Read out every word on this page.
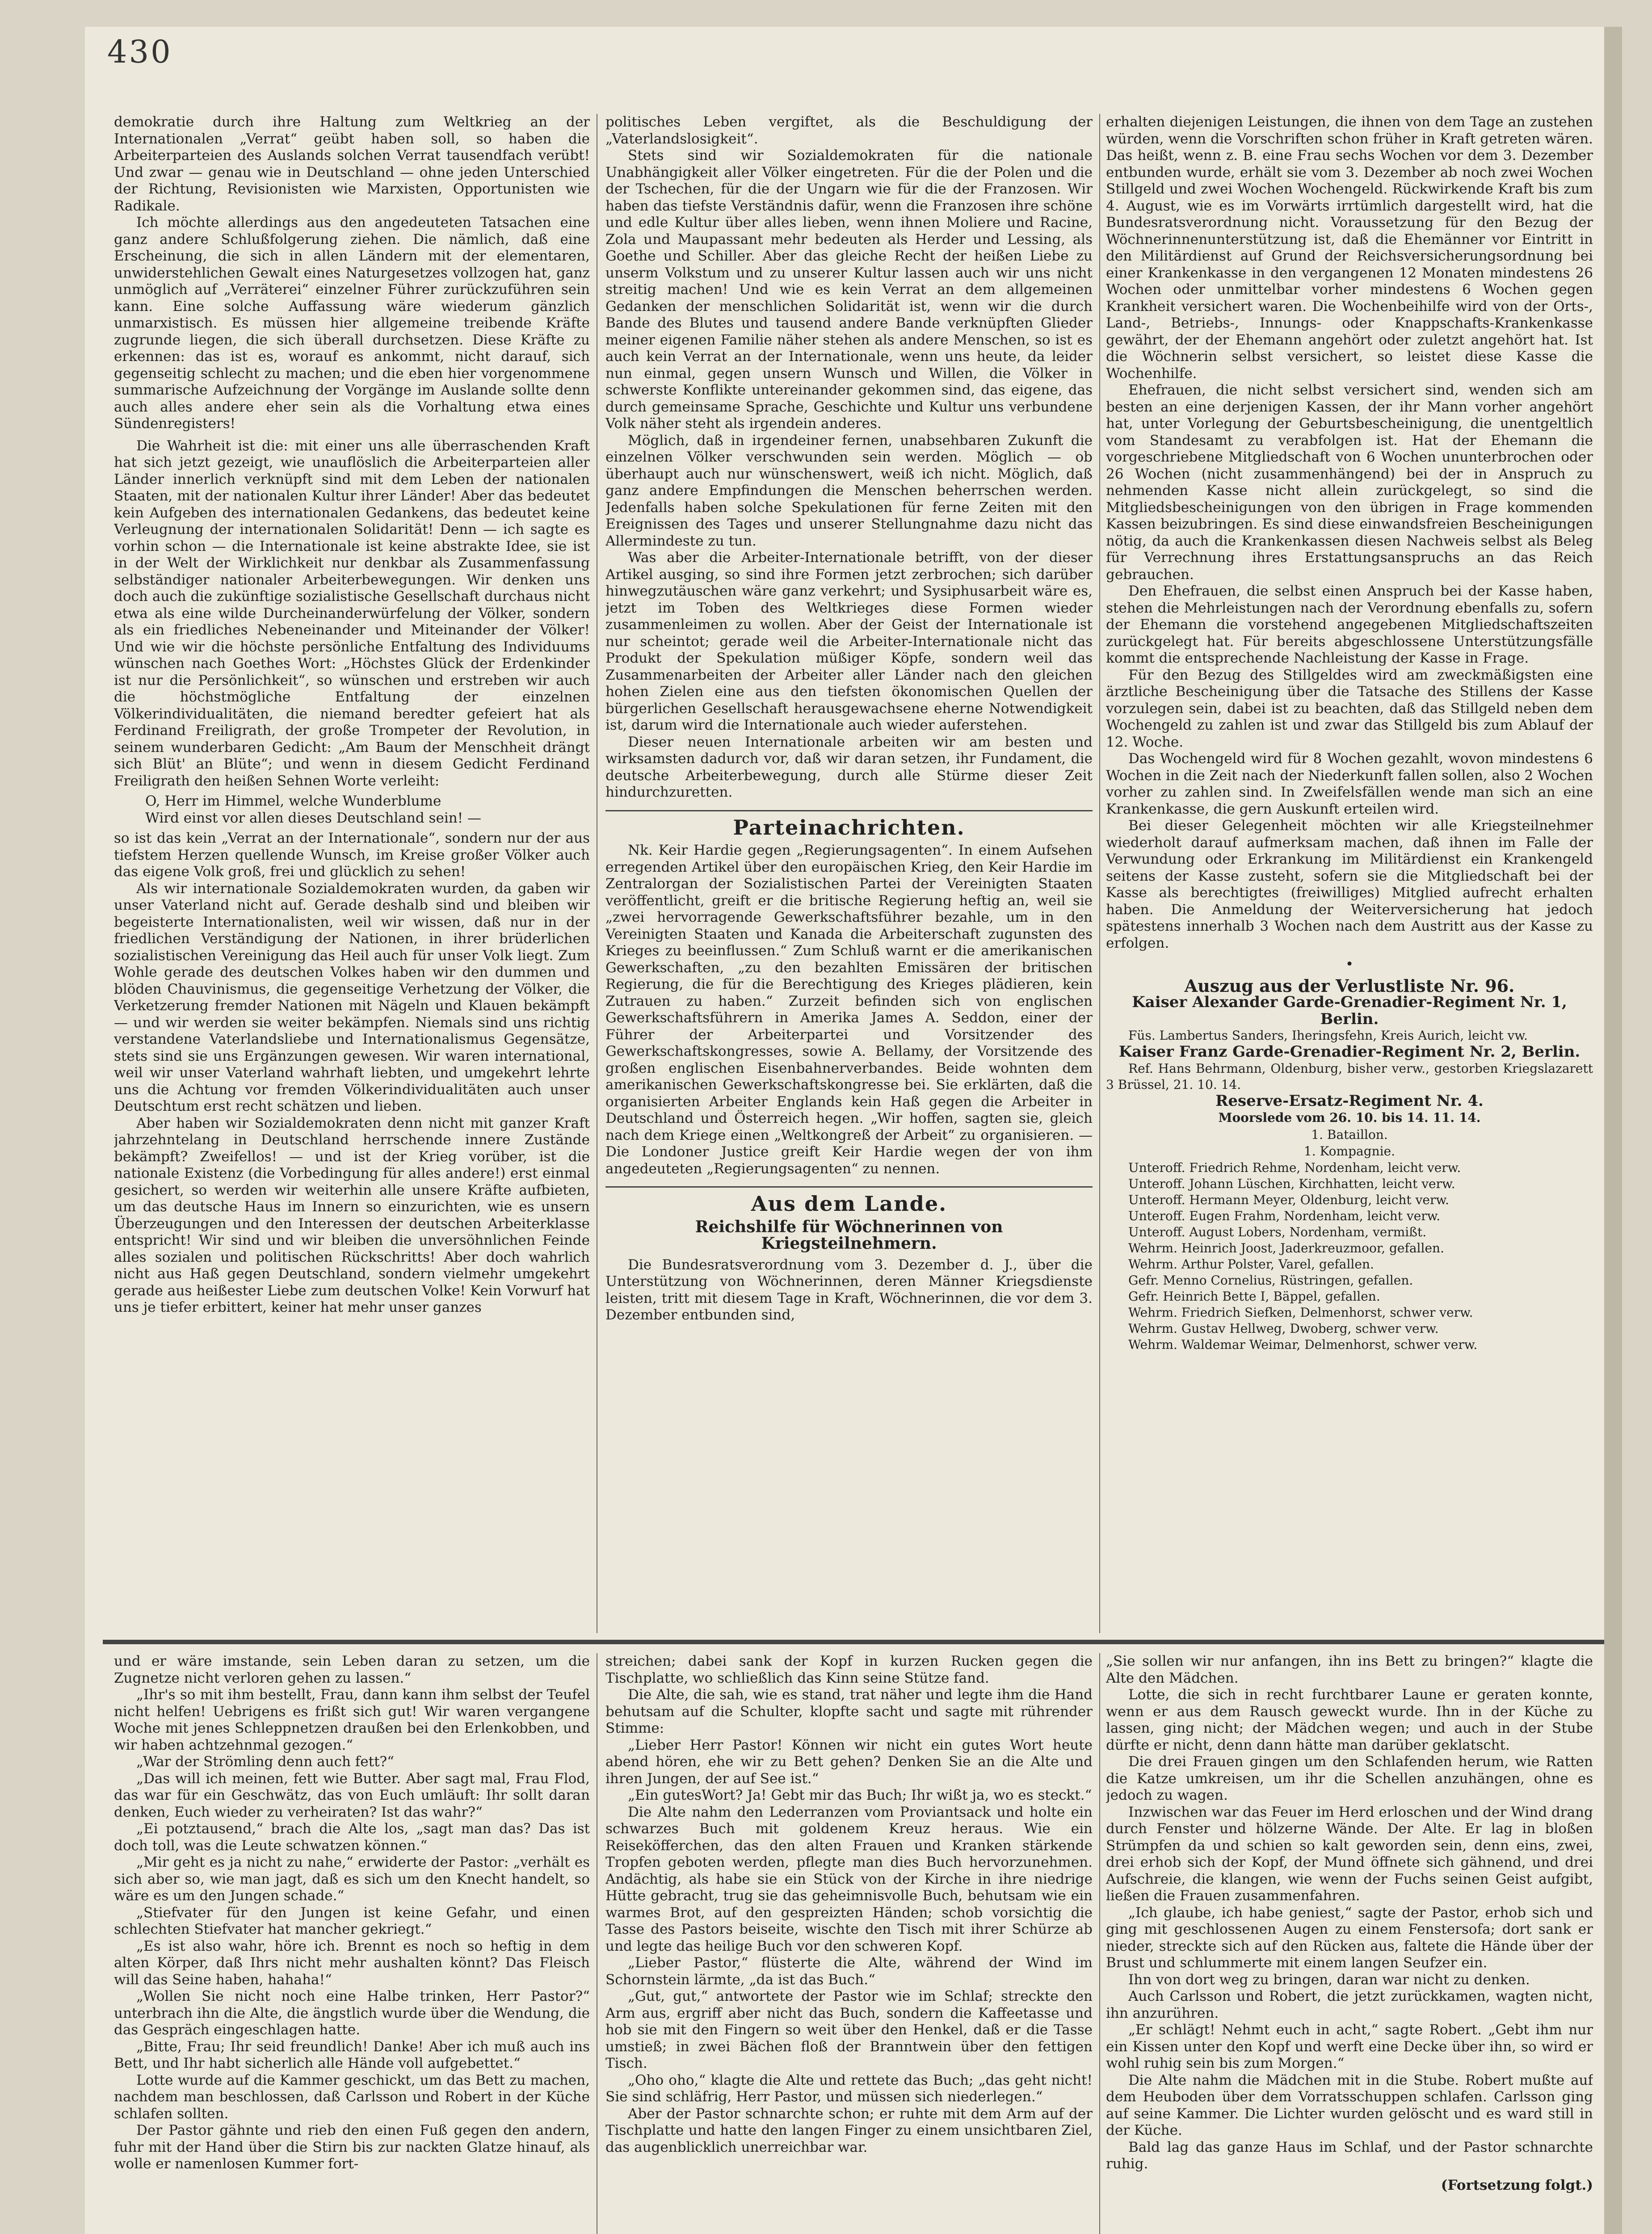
430

demokratie durch ihre Haltung zum Weltkrieg an der Internationalen „Verrat“ geübt haben soll, so haben die Arbeiterparteien des Auslands solchen Verrat tausendfach verübt! Und zwar — genau wie in Deutschland — ohne jeden Unterschied der Richtung, Revisionisten wie Marxisten, Opportunisten wie Radikale.

Ich möchte allerdings aus den angedeuteten Tatsachen eine ganz andere Schlußfolgerung ziehen. Die nämlich, daß eine Erscheinung, die sich in allen Ländern mit der elementaren, unwiderstehlichen Gewalt eines Naturgesetzes vollzogen hat, ganz unmöglich auf „Verräterei“ einzelner Führer zurückzuführen sein kann. Eine solche Auffassung wäre wiederum gänzlich unmarxistisch. Es müssen hier allgemeine treibende Kräfte zugrunde liegen, die sich überall durchsetzen. Diese Kräfte zu erkennen: das ist es, worauf es ankommt, nicht darauf, sich gegenseitig schlecht zu machen; und die eben hier vorgenommene summarische Aufzeichnung der Vorgänge im Auslande sollte denn auch alles andere eher sein als die Vorhaltung etwa eines Sündenregisters!

Die Wahrheit ist die: mit einer uns alle überraschenden Kraft hat sich jetzt gezeigt, wie unauflöslich die Arbeiterparteien aller Länder innerlich verknüpft sind mit dem Leben der nationalen Staaten, mit der nationalen Kultur ihrer Länder! Aber das bedeutet kein Aufgeben des internationalen Gedankens, das bedeutet keine Verleugnung der internationalen Solidarität! Denn — ich sagte es vorhin schon — die Internationale ist keine abstrakte Idee, sie ist in der Welt der Wirklichkeit nur denkbar als Zusammenfassung selbständiger nationaler Arbeiterbewegungen. Wir denken uns doch auch die zukünftige sozialistische Gesellschaft durchaus nicht etwa als eine wilde Durcheinanderwürfelung der Völker, sondern als ein friedliches Nebeneinander und Miteinander der Völker! Und wie wir die höchste persönliche Entfaltung des Individuums wünschen nach Goethes Wort: „Höchstes Glück der Erdenkinder ist nur die Persönlichkeit“, so wünschen und erstreben wir auch die höchstmögliche Entfaltung der einzelnen Völkerindividualitäten, die niemand beredter gefeiert hat als Ferdinand Freiligrath, der große Trompeter der Revolution, in seinem wunderbaren Gedicht: „Am Baum der Menschheit drängt sich Blüt' an Blüte“; und wenn in diesem Gedicht Ferdinand Freiligrath den heißen Sehnen Worte verleiht:

O, Herr im Himmel, welche Wunderblume
Wird einst vor allen dieses Deutschland sein! —

so ist das kein „Verrat an der Internationale“, sondern nur der aus tiefstem Herzen quellende Wunsch, im Kreise großer Völker auch das eigene Volk groß, frei und glücklich zu sehen!

Als wir internationale Sozialdemokraten wurden, da gaben wir unser Vaterland nicht auf. Gerade deshalb sind und bleiben wir begeisterte Internationalisten, weil wir wissen, daß nur in der friedlichen Verständigung der Nationen, in ihrer brüderlichen sozialistischen Vereinigung das Heil auch für unser Volk liegt. Zum Wohle gerade des deutschen Volkes haben wir den dummen und blöden Chauvinismus, die gegenseitige Verhetzung der Völker, die Verketzerung fremder Nationen mit Nägeln und Klauen bekämpft — und wir werden sie weiter bekämpfen. Niemals sind uns richtig verstandene Vaterlandsliebe und Internationalismus Gegensätze, stets sind sie uns Ergänzungen gewesen. Wir waren international, weil wir unser Vaterland wahrhaft liebten, und umgekehrt lehrte uns die Achtung vor fremden Völkerindividualitäten auch unser Deutschtum erst recht schätzen und lieben.

Aber haben wir Sozialdemokraten denn nicht mit ganzer Kraft jahrzehntelang in Deutschland herrschende innere Zustände bekämpft? Zweifellos! — und ist der Krieg vorüber, ist die nationale Existenz (die Vorbedingung für alles andere!) erst einmal gesichert, so werden wir weiterhin alle unsere Kräfte aufbieten, um das deutsche Haus im Innern so einzurichten, wie es unsern Überzeugungen und den Interessen der deutschen Arbeiterklasse entspricht! Wir sind und wir bleiben die unversöhnlichen Feinde alles sozialen und politischen Rückschritts! Aber doch wahrlich nicht aus Haß gegen Deutschland, sondern vielmehr umgekehrt gerade aus heißester Liebe zum deutschen Volke! Kein Vorwurf hat uns je tiefer erbittert, keiner hat mehr unser ganzes

politisches Leben vergiftet, als die Beschuldigung der „Vaterlandslosigkeit“.

Stets sind wir Sozialdemokraten für die nationale Unabhängigkeit aller Völker eingetreten. Für die der Polen und die der Tschechen, für die der Ungarn wie für die der Franzosen. Wir haben das tiefste Verständnis dafür, wenn die Franzosen ihre schöne und edle Kultur über alles lieben, wenn ihnen Moliere und Racine, Zola und Maupassant mehr bedeuten als Herder und Lessing, als Goethe und Schiller. Aber das gleiche Recht der heißen Liebe zu unserm Volkstum und zu unserer Kultur lassen auch wir uns nicht streitig machen! Und wie es kein Verrat an dem allgemeinen Gedanken der menschlichen Solidarität ist, wenn wir die durch Bande des Blutes und tausend andere Bande verknüpften Glieder meiner eigenen Familie näher stehen als andere Menschen, so ist es auch kein Verrat an der Internationale, wenn uns heute, da leider nun einmal, gegen unsern Wunsch und Willen, die Völker in schwerste Konflikte untereinander gekommen sind, das eigene, das durch gemeinsame Sprache, Geschichte und Kultur uns verbundene Volk näher steht als irgendein anderes.

Möglich, daß in irgendeiner fernen, unabsehbaren Zukunft die einzelnen Völker verschwunden sein werden. Möglich — ob überhaupt auch nur wünschenswert, weiß ich nicht. Möglich, daß ganz andere Empfindungen die Menschen beherrschen werden. Jedenfalls haben solche Spekulationen für ferne Zeiten mit den Ereignissen des Tages und unserer Stellungnahme dazu nicht das Allermindeste zu tun.

Was aber die Arbeiter-Internationale betrifft, von der dieser Artikel ausging, so sind ihre Formen jetzt zerbrochen; sich darüber hinwegzutäuschen wäre ganz verkehrt; und Sysiphusarbeit wäre es, jetzt im Toben des Weltkrieges diese Formen wieder zusammenleimen zu wollen. Aber der Geist der Internationale ist nur scheintot; gerade weil die Arbeiter-Internationale nicht das Produkt der Spekulation müßiger Köpfe, sondern weil das Zusammenarbeiten der Arbeiter aller Länder nach den gleichen hohen Zielen eine aus den tiefsten ökonomischen Quellen der bürgerlichen Gesellschaft herausgewachsene eherne Notwendigkeit ist, darum wird die Internationale auch wieder auferstehen.

Dieser neuen Internationale arbeiten wir am besten und wirksamsten dadurch vor, daß wir daran setzen, ihr Fundament, die deutsche Arbeiterbewegung, durch alle Stürme dieser Zeit hindurchzuretten.

Parteinachrichten.

Nk. Keir Hardie gegen „Regierungsagenten“. In einem Aufsehen erregenden Artikel über den europäischen Krieg, den Keir Hardie im Zentralorgan der Sozialistischen Partei der Vereinigten Staaten veröffentlicht, greift er die britische Regierung heftig an, weil sie „zwei hervorragende Gewerkschaftsführer bezahle, um in den Vereinigten Staaten und Kanada die Arbeiterschaft zugunsten des Krieges zu beeinflussen.“ Zum Schluß warnt er die amerikanischen Gewerkschaften, „zu den bezahlten Emissären der britischen Regierung, die für die Berechtigung des Krieges plädieren, kein Zutrauen zu haben.“ Zurzeit befinden sich von englischen Gewerkschaftsführern in Amerika James A. Seddon, einer der Führer der Arbeiterpartei und Vorsitzender des Gewerkschaftskongresses, sowie A. Bellamy, der Vorsitzende des großen englischen Eisenbahnerverbandes. Beide wohnten dem amerikanischen Gewerkschaftskongresse bei. Sie erklärten, daß die organisierten Arbeiter Englands kein Haß gegen die Arbeiter in Deutschland und Österreich hegen. „Wir hoffen, sagten sie, gleich nach dem Kriege einen „Weltkongreß der Arbeit“ zu organisieren. — Die Londoner Justice greift Keir Hardie wegen der von ihm angedeuteten „Regierungsagenten“ zu nennen.

Aus dem Lande.
Reichshilfe für Wöchnerinnen von Kriegsteilnehmern.

Die Bundesratsverordnung vom 3. Dezember d. J., über die Unterstützung von Wöchnerinnen, deren Männer Kriegsdienste leisten, tritt mit diesem Tage in Kraft, Wöchnerinnen, die vor dem 3. Dezember entbunden sind,

erhalten diejenigen Leistungen, die ihnen von dem Tage an zustehen würden, wenn die Vorschriften schon früher in Kraft getreten wären. Das heißt, wenn z. B. eine Frau sechs Wochen vor dem 3. Dezember entbunden wurde, erhält sie vom 3. Dezember ab noch zwei Wochen Stillgeld und zwei Wochen Wochengeld. Rückwirkende Kraft bis zum 4. August, wie es im Vorwärts irrtümlich dargestellt wird, hat die Bundesratsverordnung nicht. Voraussetzung für den Bezug der Wöchnerinnenunterstützung ist, daß die Ehemänner vor Eintritt in den Militärdienst auf Grund der Reichsversicherungsordnung bei einer Krankenkasse in den vergangenen 12 Monaten mindestens 26 Wochen oder unmittelbar vorher mindestens 6 Wochen gegen Krankheit versichert waren. Die Wochenbeihilfe wird von der Orts-, Land-, Betriebs-, Innungs- oder Knappschafts-Krankenkasse gewährt, der der Ehemann angehört oder zuletzt angehört hat. Ist die Wöchnerin selbst versichert, so leistet diese Kasse die Wochenhilfe.

Ehefrauen, die nicht selbst versichert sind, wenden sich am besten an eine derjenigen Kassen, der ihr Mann vorher angehört hat, unter Vorlegung der Geburtsbescheinigung, die unentgeltlich vom Standesamt zu verabfolgen ist. Hat der Ehemann die vorgeschriebene Mitgliedschaft von 6 Wochen ununterbrochen oder 26 Wochen (nicht zusammenhängend) bei der in Anspruch zu nehmenden Kasse nicht allein zurückgelegt, so sind die Mitgliedsbescheinigungen von den übrigen in Frage kommenden Kassen beizubringen. Es sind diese einwandsfreien Bescheinigungen nötig, da auch die Krankenkassen diesen Nachweis selbst als Beleg für Verrechnung ihres Erstattungsanspruchs an das Reich gebrauchen.

Den Ehefrauen, die selbst einen Anspruch bei der Kasse haben, stehen die Mehrleistungen nach der Verordnung ebenfalls zu, sofern der Ehemann die vorstehend angegebenen Mitgliedschaftszeiten zurückgelegt hat. Für bereits abgeschlossene Unterstützungsfälle kommt die entsprechende Nachleistung der Kasse in Frage.

Für den Bezug des Stillgeldes wird am zweckmäßigsten eine ärztliche Bescheinigung über die Tatsache des Stillens der Kasse vorzulegen sein, dabei ist zu beachten, daß das Stillgeld neben dem Wochengeld zu zahlen ist und zwar das Stillgeld bis zum Ablauf der 12. Woche.

Das Wochengeld wird für 8 Wochen gezahlt, wovon mindestens 6 Wochen in die Zeit nach der Niederkunft fallen sollen, also 2 Wochen vorher zu zahlen sind. In Zweifelsfällen wende man sich an eine Krankenkasse, die gern Auskunft erteilen wird.

Bei dieser Gelegenheit möchten wir alle Kriegsteilnehmer wiederholt darauf aufmerksam machen, daß ihnen im Falle der Verwundung oder Erkrankung im Militärdienst ein Krankengeld seitens der Kasse zusteht, sofern sie die Mitgliedschaft bei der Kasse als berechtigtes (freiwilliges) Mitglied aufrecht erhalten haben. Die Anmeldung der Weiterversicherung hat jedoch spätestens innerhalb 3 Wochen nach dem Austritt aus der Kasse zu erfolgen.

•
Auszug aus der Verlustliste Nr. 96.
Kaiser Alexander Garde-Grenadier-Regiment Nr. 1, Berlin.

Füs. Lambertus Sanders, Iheringsfehn, Kreis Aurich, leicht vw.

Kaiser Franz Garde-Grenadier-Regiment Nr. 2, Berlin.

Ref. Hans Behrmann, Oldenburg, bisher verw., gestorben Kriegslazarett 3 Brüssel, 21. 10. 14.

Reserve-Ersatz-Regiment Nr. 4.
Moorslede vom 26. 10. bis 14. 11. 14.
1. Bataillon.
1. Kompagnie.

Unteroff. Friedrich Rehme, Nordenham, leicht verw.

Unteroff. Johann Lüschen, Kirchhatten, leicht verw.

Unteroff. Hermann Meyer, Oldenburg, leicht verw.

Unteroff. Eugen Frahm, Nordenham, leicht verw.

Unteroff. August Lobers, Nordenham, vermißt.

Wehrm. Heinrich Joost, Jaderkreuzmoor, gefallen.

Wehrm. Arthur Polster, Varel, gefallen.

Gefr. Menno Cornelius, Rüstringen, gefallen.

Gefr. Heinrich Bette I, Bäppel, gefallen.

Wehrm. Friedrich Siefken, Delmenhorst, schwer verw.

Wehrm. Gustav Hellweg, Dwoberg, schwer verw.

Wehrm. Waldemar Weimar, Delmenhorst, schwer verw.

und er wäre imstande, sein Leben daran zu setzen, um die Zugnetze nicht verloren gehen zu lassen.“

„Ihr's so mit ihm bestellt, Frau, dann kann ihm selbst der Teufel nicht helfen! Uebrigens es frißt sich gut! Wir waren vergangene Woche mit jenes Schleppnetzen draußen bei den Erlenkobben, und wir haben achtzehnmal gezogen.“

„War der Strömling denn auch fett?“

„Das will ich meinen, fett wie Butter. Aber sagt mal, Frau Flod, das war für ein Geschwätz, das von Euch umläuft: Ihr sollt daran denken, Euch wieder zu verheiraten? Ist das wahr?“

„Ei potztausend,“ brach die Alte los, „sagt man das? Das ist doch toll, was die Leute schwatzen können.“

„Mir geht es ja nicht zu nahe,“ erwiderte der Pastor: „verhält es sich aber so, wie man jagt, daß es sich um den Knecht handelt, so wäre es um den Jungen schade.“

„Stiefvater für den Jungen ist keine Gefahr, und einen schlechten Stiefvater hat mancher gekriegt.“

„Es ist also wahr, höre ich. Brennt es noch so heftig in dem alten Körper, daß Ihrs nicht mehr aushalten könnt? Das Fleisch will das Seine haben, hahaha!“

„Wollen Sie nicht noch eine Halbe trinken, Herr Pastor?“ unterbrach ihn die Alte, die ängstlich wurde über die Wendung, die das Gespräch eingeschlagen hatte.

„Bitte, Frau; Ihr seid freundlich! Danke! Aber ich muß auch ins Bett, und Ihr habt sicherlich alle Hände voll aufgebettet.“

Lotte wurde auf die Kammer geschickt, um das Bett zu machen, nachdem man beschlossen, daß Carlsson und Robert in der Küche schlafen sollten.

Der Pastor gähnte und rieb den einen Fuß gegen den andern, fuhr mit der Hand über die Stirn bis zur nackten Glatze hinauf, als wolle er namenlosen Kummer fort-

streichen; dabei sank der Kopf in kurzen Rucken gegen die Tischplatte, wo schließlich das Kinn seine Stütze fand.

Die Alte, die sah, wie es stand, trat näher und legte ihm die Hand behutsam auf die Schulter, klopfte sacht und sagte mit rührender Stimme:

„Lieber Herr Pastor! Können wir nicht ein gutes Wort heute abend hören, ehe wir zu Bett gehen? Denken Sie an die Alte und ihren Jungen, der auf See ist.“

„Ein gutesWort? Ja! Gebt mir das Buch; Ihr wißt ja, wo es steckt.“

Die Alte nahm den Lederranzen vom Proviantsack und holte ein schwarzes Buch mit goldenem Kreuz heraus. Wie ein Reiseköfferchen, das den alten Frauen und Kranken stärkende Tropfen geboten werden, pflegte man dies Buch hervorzunehmen. Andächtig, als habe sie ein Stück von der Kirche in ihre niedrige Hütte gebracht, trug sie das geheimnisvolle Buch, behutsam wie ein warmes Brot, auf den gespreizten Händen; schob vorsichtig die Tasse des Pastors beiseite, wischte den Tisch mit ihrer Schürze ab und legte das heilige Buch vor den schweren Kopf.

„Lieber Pastor,“ flüsterte die Alte, während der Wind im Schornstein lärmte, „da ist das Buch.“

„Gut, gut,“ antwortete der Pastor wie im Schlaf; streckte den Arm aus, ergriff aber nicht das Buch, sondern die Kaffeetasse und hob sie mit den Fingern so weit über den Henkel, daß er die Tasse umstieß; in zwei Bächen floß der Branntwein über den fettigen Tisch.

„Oho oho,“ klagte die Alte und rettete das Buch; „das geht nicht! Sie sind schläfrig, Herr Pastor, und müssen sich niederlegen.“

Aber der Pastor schnarchte schon; er ruhte mit dem Arm auf der Tischplatte und hatte den langen Finger zu einem unsichtbaren Ziel, das augenblicklich unerreichbar war.

„Sie sollen wir nur anfangen, ihn ins Bett zu bringen?“ klagte die Alte den Mädchen.

Lotte, die sich in recht furchtbarer Laune er geraten konnte, wenn er aus dem Rausch geweckt wurde. Ihn in der Küche zu lassen, ging nicht; der Mädchen wegen; und auch in der Stube dürfte er nicht, denn dann hätte man darüber geklatscht.

Die drei Frauen gingen um den Schlafenden herum, wie Ratten die Katze umkreisen, um ihr die Schellen anzuhängen, ohne es jedoch zu wagen.

Inzwischen war das Feuer im Herd erloschen und der Wind drang durch Fenster und hölzerne Wände. Der Alte. Er lag in bloßen Strümpfen da und schien so kalt geworden sein, denn eins, zwei, drei erhob sich der Kopf, der Mund öffnete sich gähnend, und drei Aufschreie, die klangen, wie wenn der Fuchs seinen Geist aufgibt, ließen die Frauen zusammenfahren.

„Ich glaube, ich habe geniest,“ sagte der Pastor, erhob sich und ging mit geschlossenen Augen zu einem Fenstersofa; dort sank er nieder, streckte sich auf den Rücken aus, faltete die Hände über der Brust und schlummerte mit einem langen Seufzer ein.

Ihn von dort weg zu bringen, daran war nicht zu denken.

Auch Carlsson und Robert, die jetzt zurückkamen, wagten nicht, ihn anzurühren.

„Er schlägt! Nehmt euch in acht,“ sagte Robert. „Gebt ihm nur ein Kissen unter den Kopf und werft eine Decke über ihn, so wird er wohl ruhig sein bis zum Morgen.“

Die Alte nahm die Mädchen mit in die Stube. Robert mußte auf dem Heuboden über dem Vorratsschuppen schlafen. Carlsson ging auf seine Kammer. Die Lichter wurden gelöscht und es ward still in der Küche.

Bald lag das ganze Haus im Schlaf, und der Pastor schnarchte ruhig.

(Fortsetzung folgt.)
